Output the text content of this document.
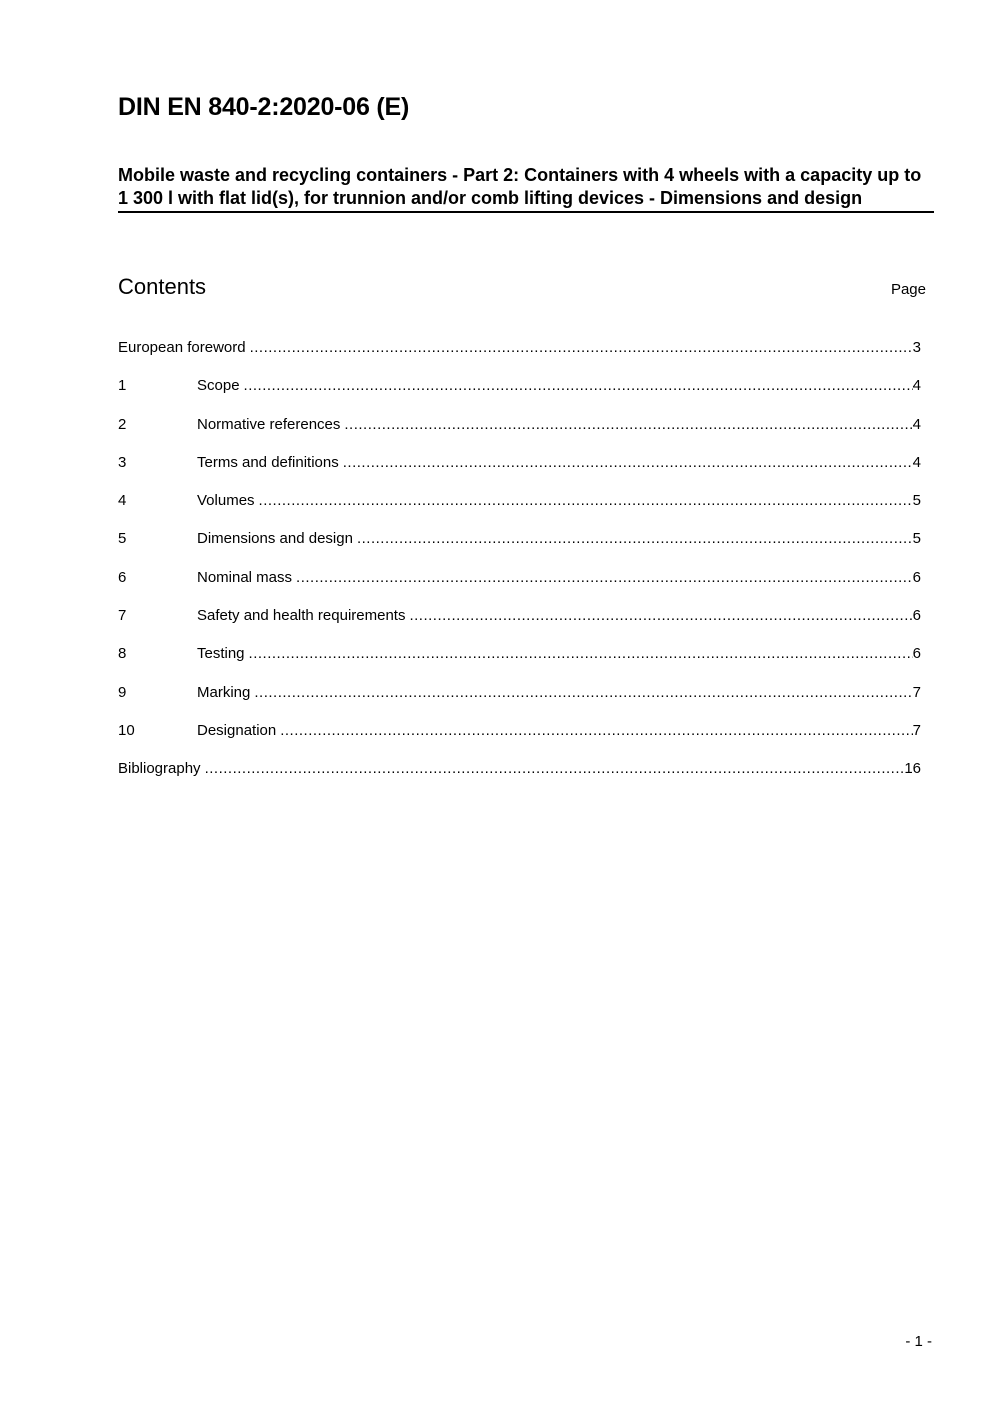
DIN EN 840-2:2020-06 (E)
Mobile waste and recycling containers - Part 2: Containers with 4 wheels with a capacity up to 1 300 l with flat lid(s), for trunnion and/or comb lifting devices - Dimensions and design
Contents	Page
European foreword .....	3
1	Scope .....	4
2	Normative references .....	4
3	Terms and definitions .....	4
4	Volumes .....	5
5	Dimensions and design .....	5
6	Nominal mass .....	6
7	Safety and health requirements .....	6
8	Testing .....	6
9	Marking .....	7
10	Designation .....	7
Bibliography .....	16
- 1 -
